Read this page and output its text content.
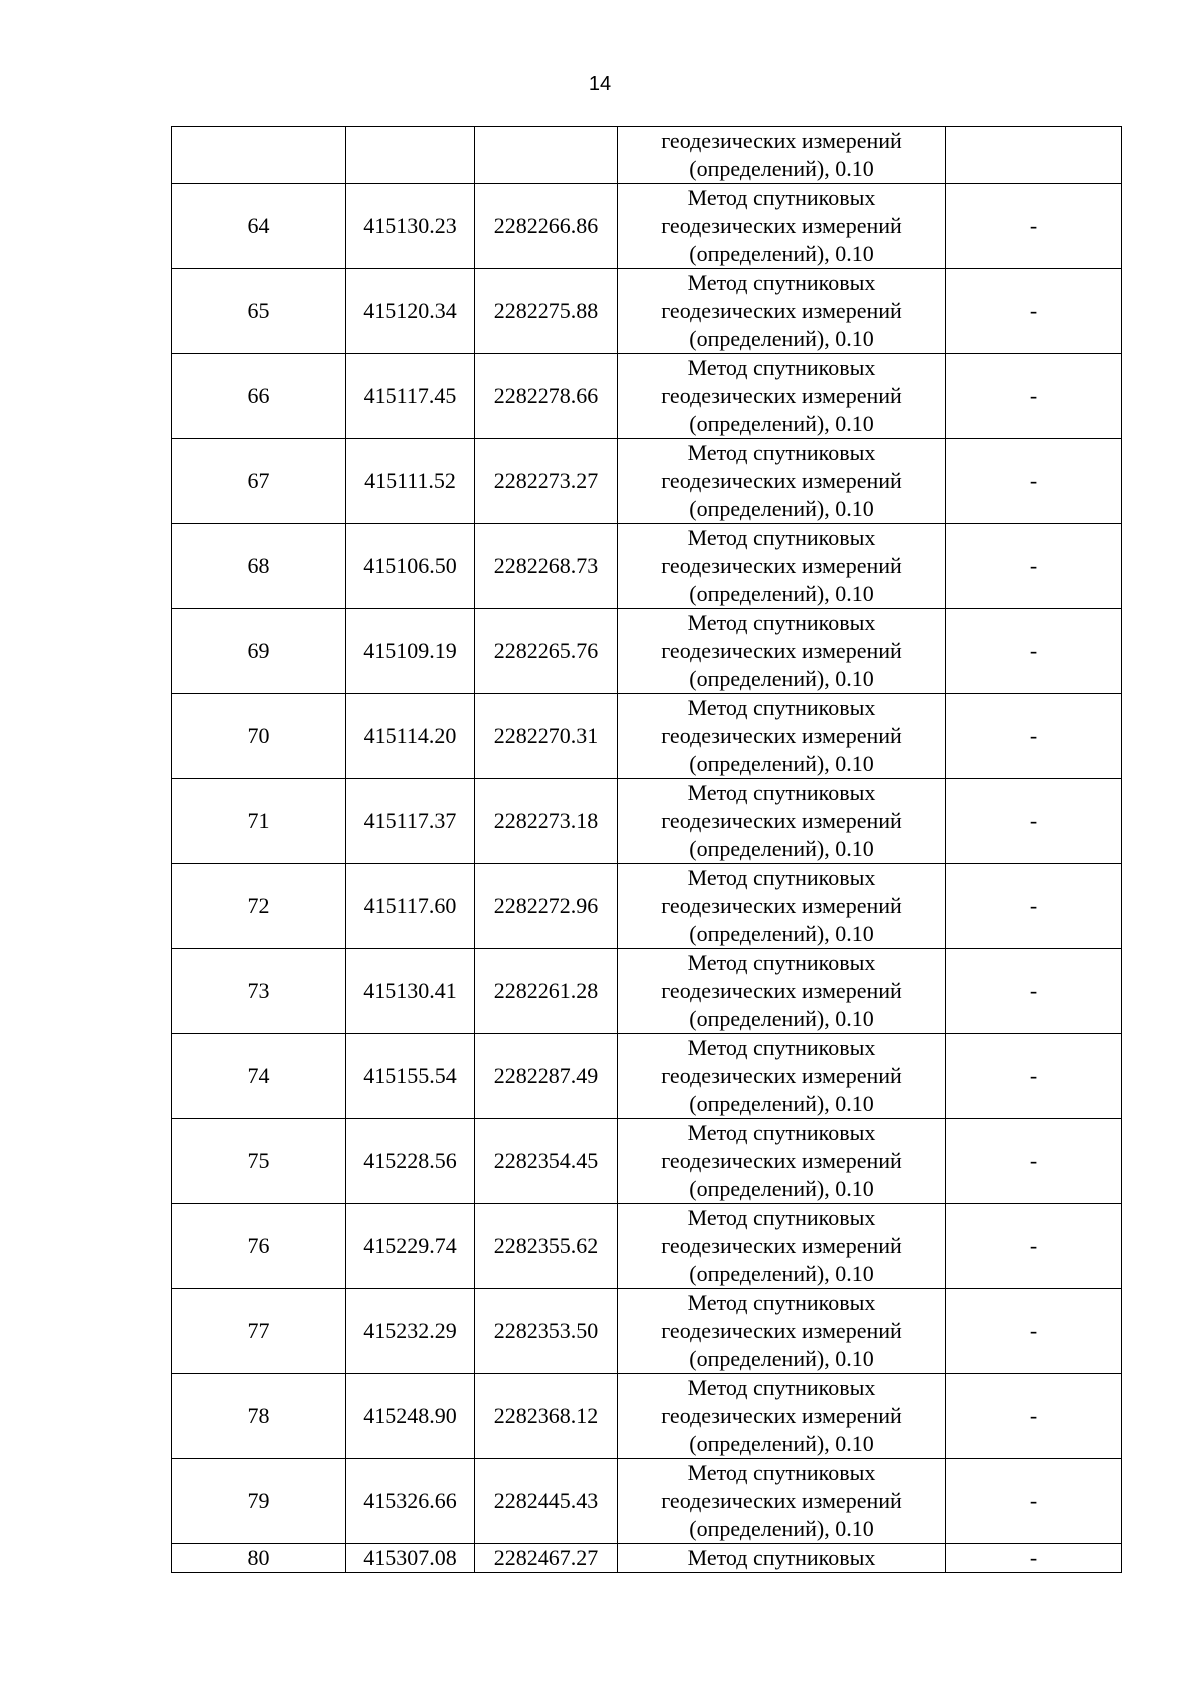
14

			геодезических измерений
(определений), 0.10	

64	415130.23	2282266.86	Метод спутниковых
геодезических измерений
(определений), 0.10	-
65	415120.34	2282275.88	Метод спутниковых
геодезических измерений
(определений), 0.10	-
66	415117.45	2282278.66	Метод спутниковых
геодезических измерений
(определений), 0.10	-
67	415111.52	2282273.27	Метод спутниковых
геодезических измерений
(определений), 0.10	-
68	415106.50	2282268.73	Метод спутниковых
геодезических измерений
(определений), 0.10	-
69	415109.19	2282265.76	Метод спутниковых
геодезических измерений
(определений), 0.10	-
70	415114.20	2282270.31	Метод спутниковых
геодезических измерений
(определений), 0.10	-
71	415117.37	2282273.18	Метод спутниковых
геодезических измерений
(определений), 0.10	-
72	415117.60	2282272.96	Метод спутниковых
геодезических измерений
(определений), 0.10	-
73	415130.41	2282261.28	Метод спутниковых
геодезических измерений
(определений), 0.10	-
74	415155.54	2282287.49	Метод спутниковых
геодезических измерений
(определений), 0.10	-
75	415228.56	2282354.45	Метод спутниковых
геодезических измерений
(определений), 0.10	-
76	415229.74	2282355.62	Метод спутниковых
геодезических измерений
(определений), 0.10	-
77	415232.29	2282353.50	Метод спутниковых
геодезических измерений
(определений), 0.10	-
78	415248.90	2282368.12	Метод спутниковых
геодезических измерений
(определений), 0.10	-
79	415326.66	2282445.43	Метод спутниковых
геодезических измерений
(определений), 0.10	-
80	415307.08	2282467.27	Метод спутниковых	-
